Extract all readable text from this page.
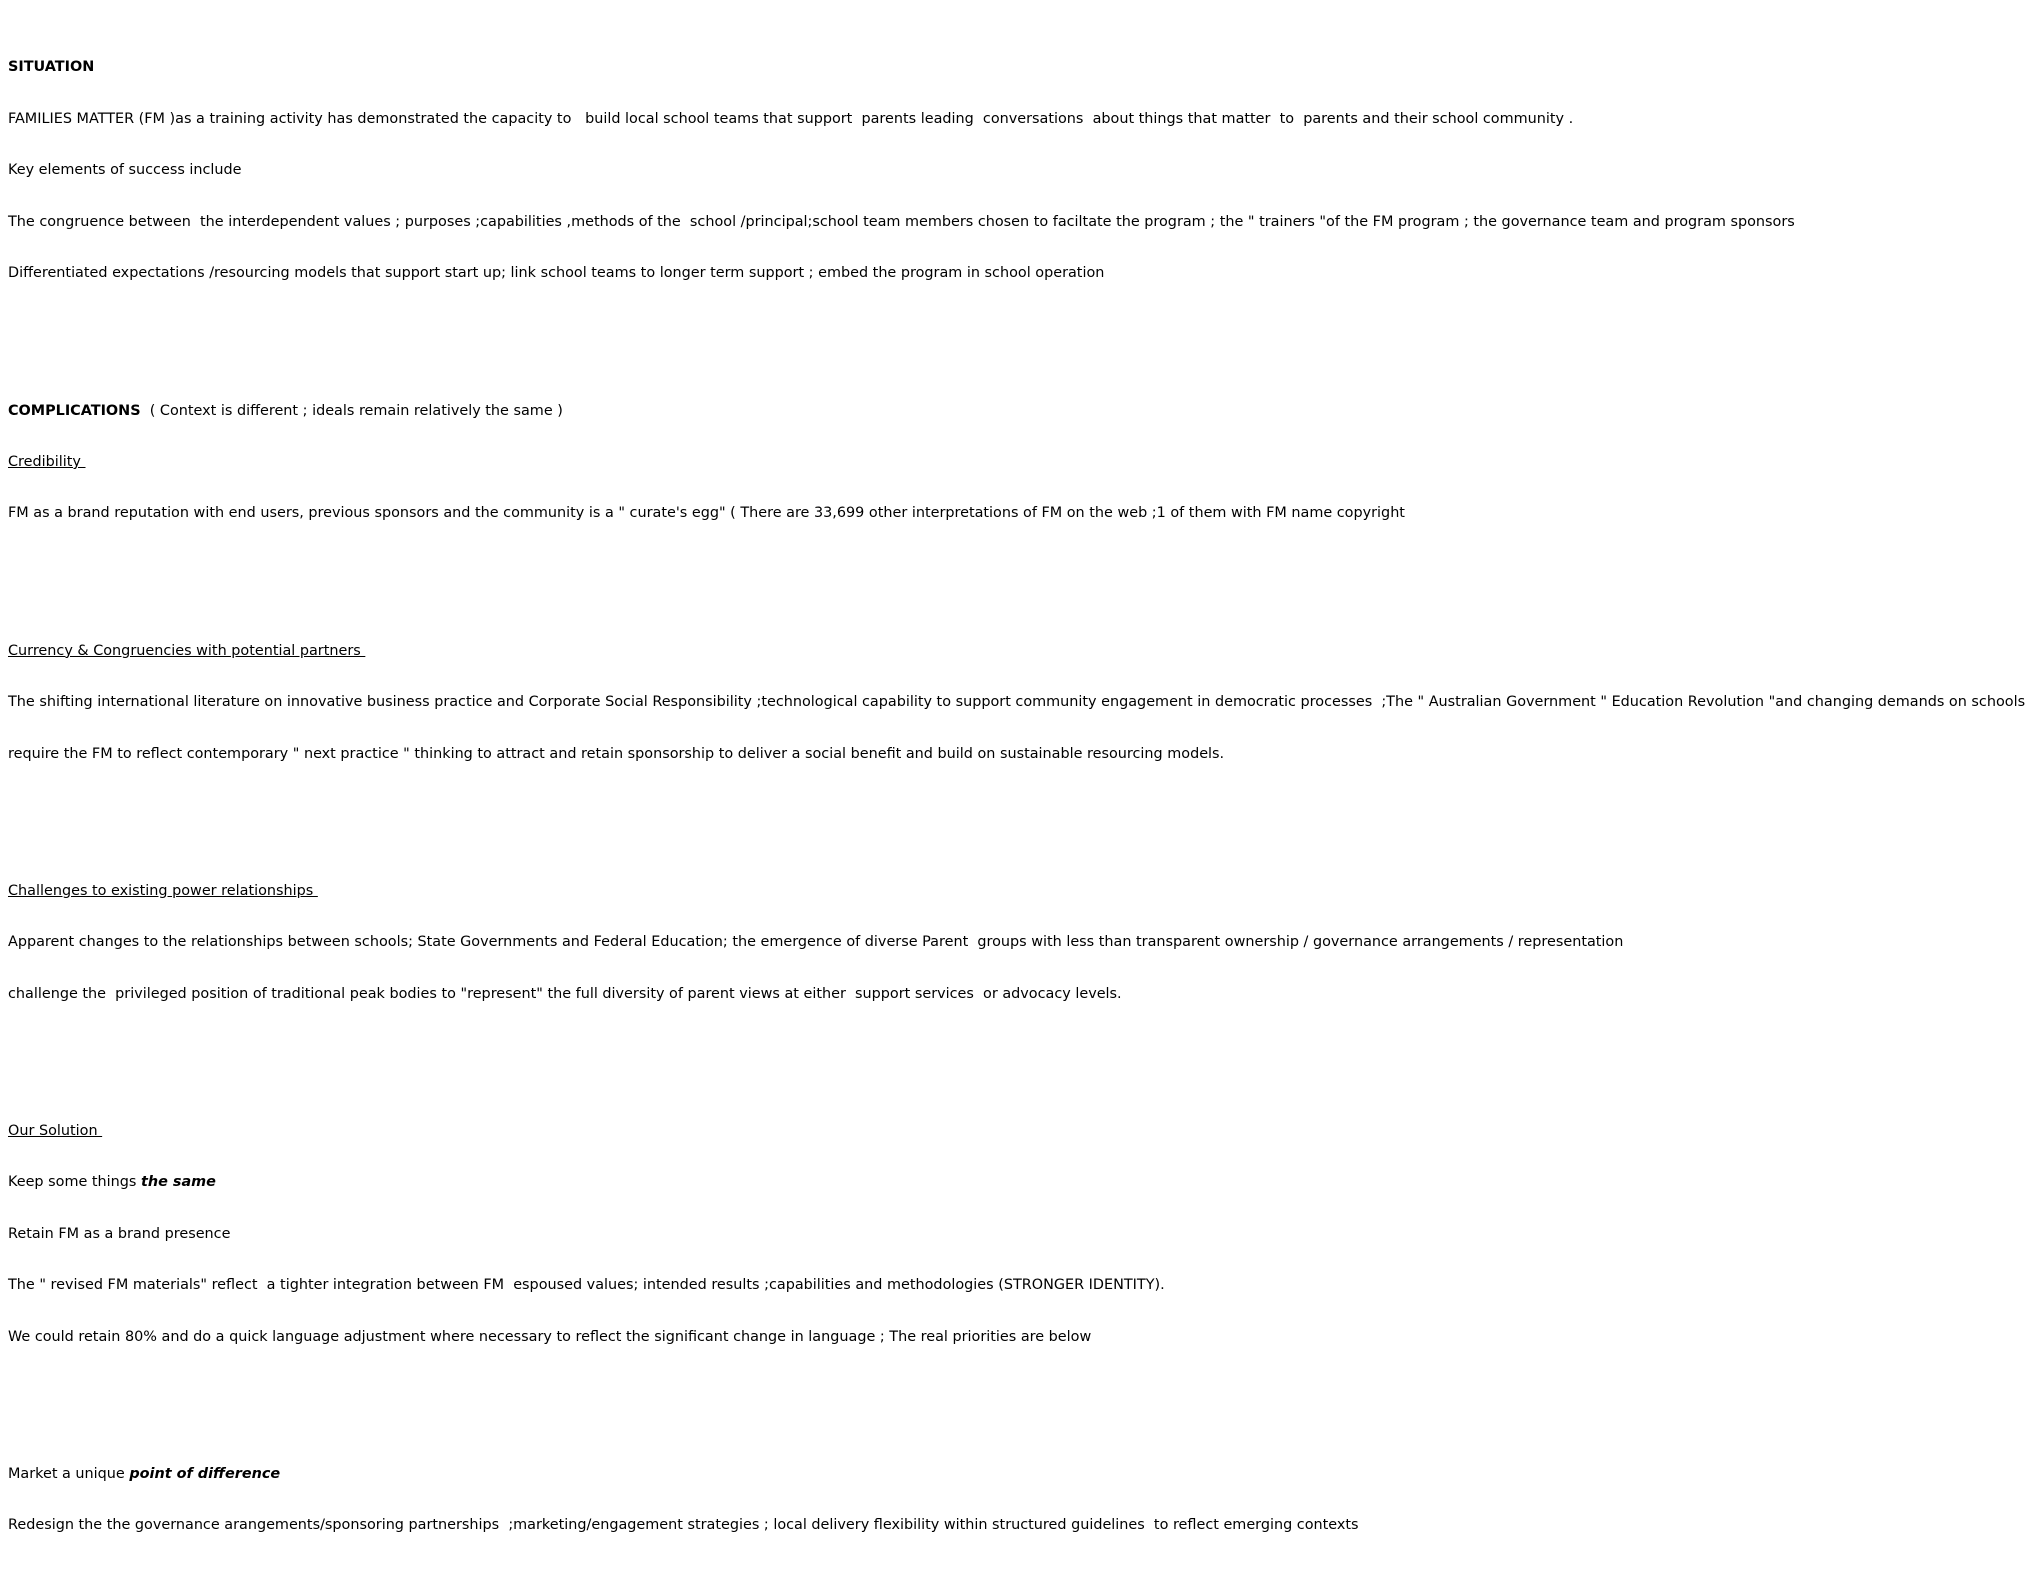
SITUATION

FAMILIES MATTER (FM )as a training activity has demonstrated the capacity to   build local school teams that support  parents leading  conversations  about things that matter  to  parents and their school community .

Key elements of success include

The congruence between  the interdependent values ; purposes ;capabilities ,methods of the  school /principal;school team members chosen to faciltate the program ; the " trainers "of the FM program ; the governance team and program sponsors

Differentiated expectations /resourcing models that support start up; link school teams to longer term support ; embed the program in school operation

COMPLICATIONS  ( Context is different ; ideals remain relatively the same )

Credibility

FM as a brand reputation with end users, previous sponsors and the community is a " curate's egg" ( There are 33,699 other interpretations of FM on the web ;1 of them with FM name copyright

Currency & Congruencies with potential partners

The shifting international literature on innovative business practice and Corporate Social Responsibility ;technological capability to support community engagement in democratic processes  ;The " Australian Government " Education Revolution "and changing demands on schools

require the FM to reflect contemporary " next practice " thinking to attract and retain sponsorship to deliver a social benefit and build on sustainable resourcing models.

Challenges to existing power relationships

Apparent changes to the relationships between schools; State Governments and Federal Education; the emergence of diverse Parent  groups with less than transparent ownership / governance arrangements / representation

challenge the  privileged position of traditional peak bodies to "represent" the full diversity of parent views at either  support services  or advocacy levels.

Our Solution

Keep some things the same

Retain FM as a brand presence

The " revised FM materials" reflect  a tighter integration between FM  espoused values; intended results ;capabilities and methodologies (STRONGER IDENTITY).

We could retain 80% and do a quick language adjustment where necessary to reflect the significant change in language ; The real priorities are below

Market a unique point of difference

Redesign the the governance arangements/sponsoring partnerships  ;marketing/engagement strategies ; local delivery flexibility within structured guidelines  to reflect emerging contexts
